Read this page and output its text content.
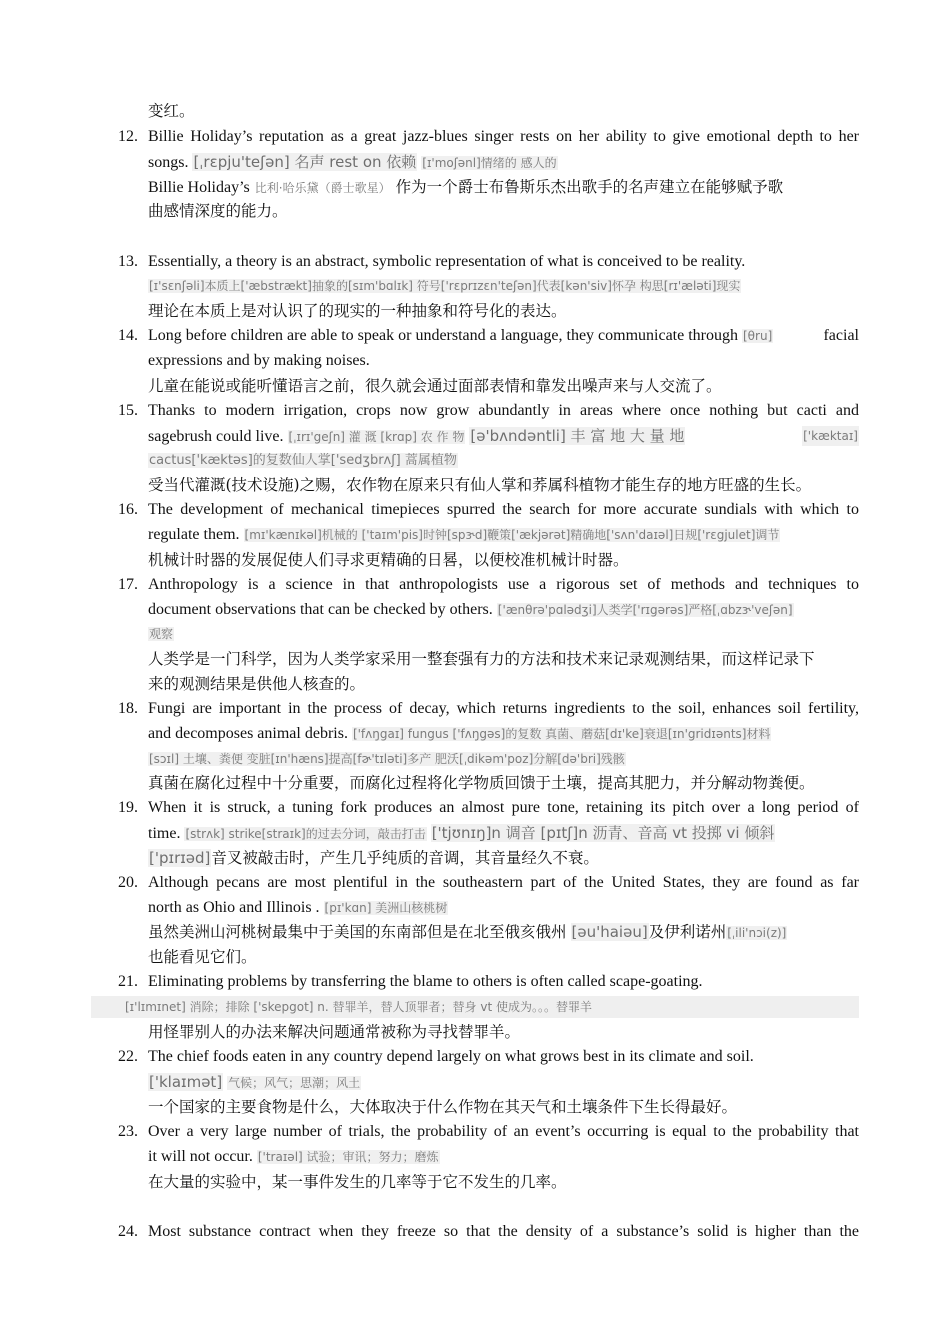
变红。
12. Billie Holiday’s reputation as a great jazz-blues singer rests on her ability to give emotional depth to her
songs. [ˌrɛpju'teʃən] 名声 rest on 依赖 [ɪ'moʃənl]情绪的 感人的
Billie Holiday’s 比利·哈乐黛（爵士歌星） 作为一个爵士布鲁斯乐杰出歌手的名声建立在能够赋予歌
曲感情深度的能力。
13. Essentially, a theory is an abstract, symbolic representation of what is conceived to be reality.
[ɪ'sɛnʃəli]本质上['æbstrækt]抽象的[sɪm'bɑlɪk] 符号['rɛprɪzɛn'teʃən]代表[kən'siv]怀孕 构思[rɪ'æləti]现实
理论在本质上是对认识了的现实的一种抽象和符号化的表达。
14. Long before children are able to speak or understand a language, they communicate through [θru]	facial
expressions and by making noises.
儿童在能说或能听懂语言之前，很久就会通过面部表情和靠发出噪声来与人交流了。
15. Thanks to modern irrigation, crops now grow abundantly in areas where once nothing but cacti and
sagebrush could live. [ˌɪrɪ'geʃn] 灌 溉 [krɑp] 农 作 物 [ə'bʌndəntli] 丰 富 地 大 量 地	['kæktaɪ]
cactus['kæktəs]的复数仙人掌['sedʒbrʌʃ] 蒿属植物
受当代灌溉(技术设施)之赐，农作物在原来只有仙人掌和荞属科植物才能生存的地方旺盛的生长。
16. The development of mechanical timepieces spurred the search for more accurate sundials with which to
regulate them. [mɪ'kænɪkəl]机械的 ['taɪm'pis]时钟[spɝd]鞭策['ækjərət]精确地['sʌn'daɪəl]日规['rɛgjulet]调节
机械计时器的发展促使人们寻求更精确的日晷，以便校准机械计时器。
17. Anthropology is a science in that anthropologists use a rigorous set of methods and techniques to
document observations that can be checked by others. ['ænθrə'pɑlədʒi]人类学['rɪgərəs]严格[ˌɑbzɝ'veʃən]
观察
人类学是一门科学，因为人类学家采用一整套强有力的方法和技术来记录观测结果，而这样记录下
来的观测结果是供他人核查的。
18. Fungi are important in the process of decay, which returns ingredients to the soil, enhances soil fertility,
and decomposes animal debris. ['fʌŋgaɪ] fungus ['fʌŋgəs]的复数 真菌、蘑菇[dɪ'ke]衰退[ɪn'gridɪənts]材料
[sɔɪl] 土壤、粪便 变脏[ɪn'hæns]提高[fɚ'tɪləti]多产 肥沃[ˌdikəm'poz]分解[də'bri]残骸
真菌在腐化过程中十分重要，而腐化过程将化学物质回馈于土壤，提高其肥力，并分解动物粪便。
19. When it is struck, a tuning fork produces an almost pure tone, retaining its pitch over a long period of
time. [strʌk] strike[straɪk]的过去分词，敲击打击 ['tjʊnɪŋ]n 调音 [pɪtʃ]n 沥青、音高 vt 投掷 vi 倾斜
['pɪrɪəd]音叉被敲击时，产生几乎纯质的音调，其音量经久不衰。
20. Although pecans are most plentiful in the southeastern part of the United States, they are found as far
north as Ohio and Illinois . [pɪ'kɑn] 美洲山核桃树
虽然美洲山河桃树最集中于美国的东南部但是在北至俄亥俄州 [əu'haiəu]及伊利诺州[ˌili'nɔi(z)]
也能看见它们。
21. Eliminating problems by transferring the blame to others is often called scape-goating.
[ɪ'lɪmɪnet] 消除；排除 ['skepgot] n. 替罪羊，替人顶罪者；替身 vt 使成为。。。替罪羊
用怪罪别人的办法来解决问题通常被称为寻找替罪羊。
22. The chief foods eaten in any country depend largely on what grows best in its climate and soil.
['klaɪmət] 气候；风气；思潮；风土
一个国家的主要食物是什么，大体取决于什么作物在其天气和土壤条件下生长得最好。
23. Over a very large number of trials, the probability of an event’s occurring is equal to the probability that
it will not occur. ['traɪəl] 试验；审讯；努力；磨炼
在大量的实验中，某一事件发生的几率等于它不发生的几率。
24. Most substance contract when they freeze so that the density of a substance’s solid is higher than the
